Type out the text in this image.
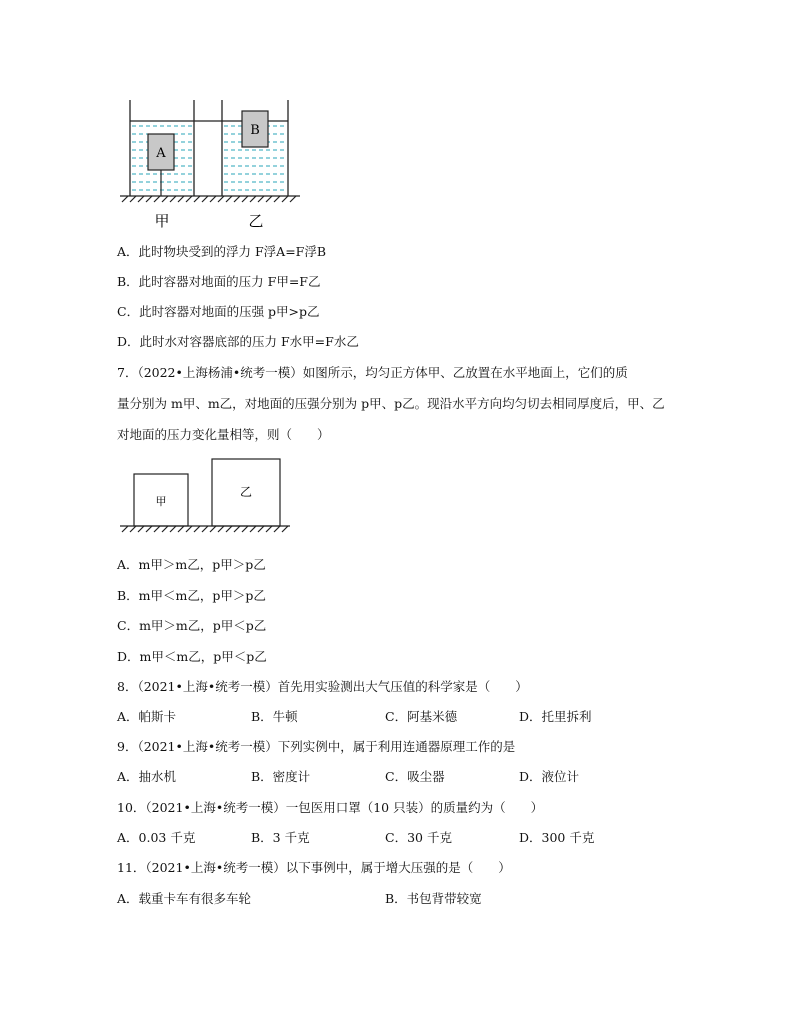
A
B
甲	乙
A．此时物块受到的浮力 F浮A=F浮B
B．此时容器对地面的压力 F甲=F乙
C．此时容器对地面的压强 p甲>p乙
D．此时水对容器底部的压力 F水甲=F水乙
7．（2022•上海杨浦•统考一模）如图所示，均匀正方体甲、乙放置在水平地面上，它们的质
量分别为 m甲、m乙，对地面的压强分别为 p甲、p乙。现沿水平方向均匀切去相同厚度后，甲、乙
对地面的压力变化量相等，则（　　）
甲
乙
A．m甲＞m乙，p甲＞p乙
B．m甲＜m乙，p甲＞p乙
C．m甲＞m乙，p甲＜p乙
D．m甲＜m乙，p甲＜p乙
8．（2021•上海•统考一模）首先用实验测出大气压值的科学家是（　　）
A．帕斯卡	B．牛顿	C．阿基米德	D．托里拆利
9．（2021•上海•统考一模）下列实例中，属于利用连通器原理工作的是
A．抽水机	B．密度计	C．吸尘器	D．液位计
10．（2021•上海•统考一模）一包医用口罩（10 只装）的质量约为（　　）
A．0.03 千克	B．3 千克	C．30 千克	D．300 千克
11．（2021•上海•统考一模）以下事例中，属于增大压强的是（　　）
A．载重卡车有很多车轮	B．书包背带较宽
